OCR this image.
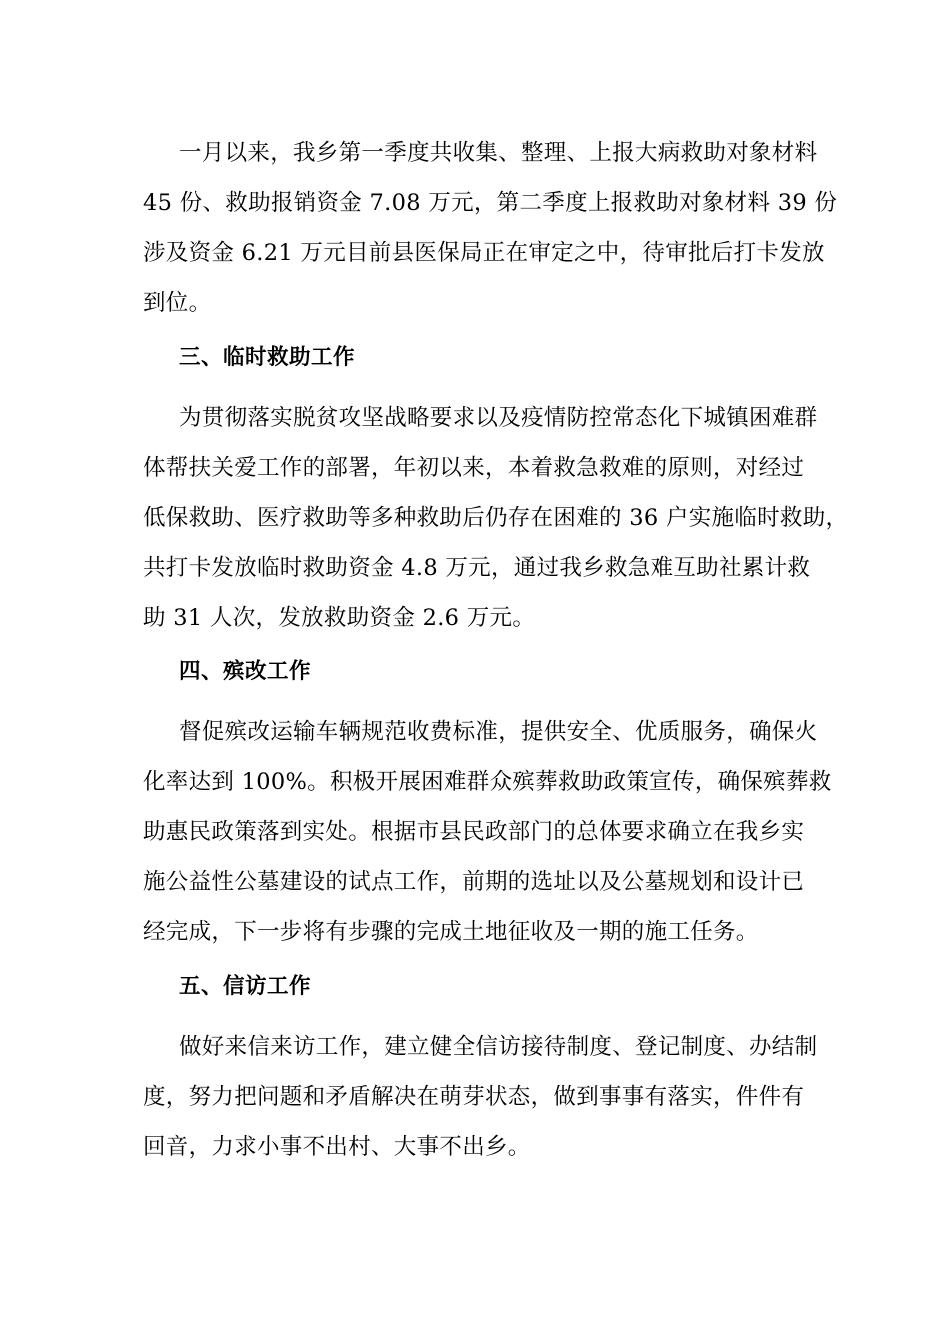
一月以来，我乡第一季度共收集、整理、上报大病救助对象材料
45 份、救助报销资金 7.08 万元，第二季度上报救助对象材料 39 份
涉及资金 6.21 万元目前县医保局正在审定之中，待审批后打卡发放
到位。
三、临时救助工作
为贯彻落实脱贫攻坚战略要求以及疫情防控常态化下城镇困难群
体帮扶关爱工作的部署，年初以来，本着救急救难的原则，对经过
低保救助、医疗救助等多种救助后仍存在困难的 36 户实施临时救助，
共打卡发放临时救助资金 4.8 万元，通过我乡救急难互助社累计救
助 31 人次，发放救助资金 2.6 万元。
四、殡改工作
督促殡改运输车辆规范收费标准，提供安全、优质服务，确保火
化率达到 100%。积极开展困难群众殡葬救助政策宣传，确保殡葬救
助惠民政策落到实处。根据市县民政部门的总体要求确立在我乡实
施公益性公墓建设的试点工作，前期的选址以及公墓规划和设计已
经完成，下一步将有步骤的完成土地征收及一期的施工任务。
五、信访工作
做好来信来访工作，建立健全信访接待制度、登记制度、办结制
度，努力把问题和矛盾解决在萌芽状态，做到事事有落实，件件有
回音，力求小事不出村、大事不出乡。
